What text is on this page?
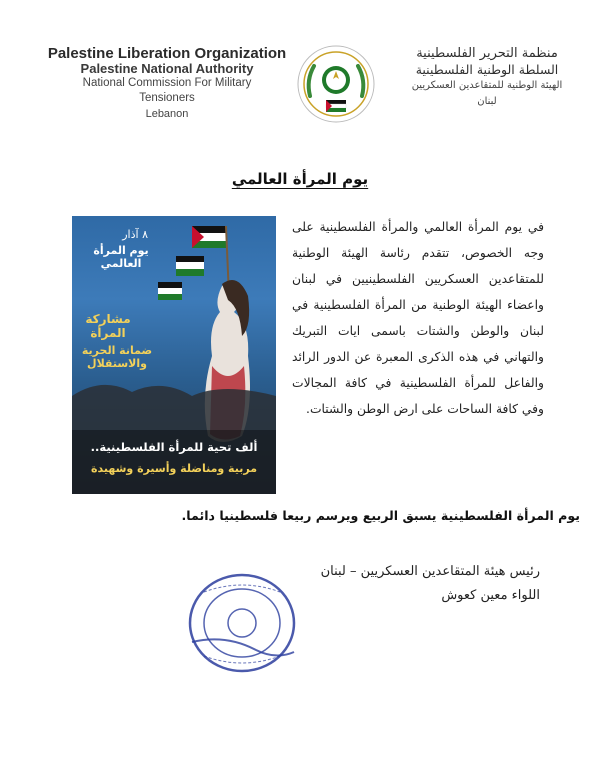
Palestine Liberation Organization
Palestine National Authority
National Commission For Military
Tensioners
Lebanon
منظمة التحرير الفلسطينية
السلطة الوطنية الفلسطينية
الهيئة الوطنية للمتقاعدين العسكريين
لبنان
يوم المرأة العالمي
٨ آذار
يوم المرأة العالمي
مشاركة المرأة
ضمانة الحرية والاستقلال
ألف تحية للمرأة الفلسطينية..
مربية ومناضلة وأسيرة وشهيدة
في يوم المرأة العالمي والمرأة الفلسطينية على وجه الخصوص، تتقدم رئاسة الهيئة الوطنية للمتقاعدين العسكريين الفلسطينيين في لبنان واعضاء الهيئة الوطنية من المرأة الفلسطينية في لبنان والوطن والشتات باسمى ايات التبريك والتهاني في هذه الذكرى المعبرة عن الدور الرائد والفاعل للمرأة الفلسطينية في كافة المجالات وفي كافة الساحات على ارض الوطن والشتات.
يوم المرأة الفلسطينية يسبق الربيع ويرسم ربيعا فلسطينيا دائما.
رئيس هيئة المتقاعدين العسكريين – لبنان
اللواء معين كعوش
